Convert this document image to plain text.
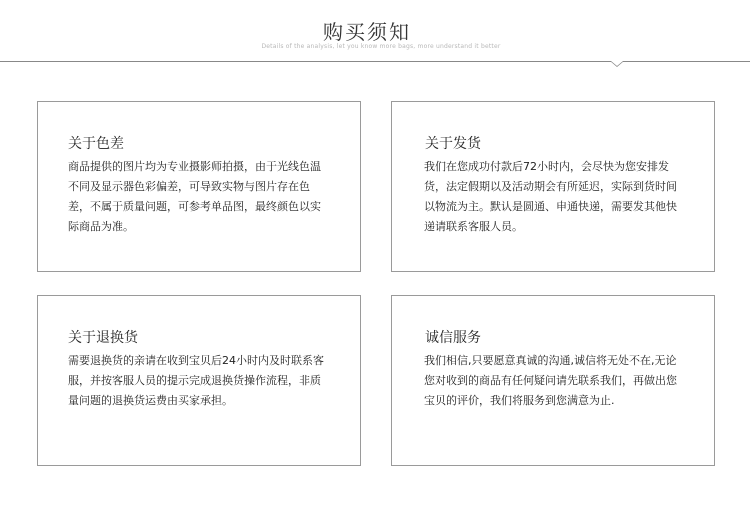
购买须知
Details of the analysis, let you know more bags, more understand it better
关于色差
商品提供的图片均为专业摄影师拍摄，由于光线色温不同及显示器色彩偏差，可导致实物与图片存在色差，不属于质量问题，可参考单品图，最终颜色以实际商品为准。
关于发货
我们在您成功付款后72小时内，会尽快为您安排发货，法定假期以及活动期会有所延迟，实际到货时间以物流为主。默认是圆通、申通快递，需要发其他快递请联系客服人员。
关于退换货
需要退换货的亲请在收到宝贝后24小时内及时联系客服，并按客服人员的提示完成退换货操作流程，非质量问题的退换货运费由买家承担。
诚信服务
我们相信,只要愿意真诚的沟通,诚信将无处不在,无论您对收到的商品有任何疑问请先联系我们，再做出您宝贝的评价，我们将服务到您满意为止.
